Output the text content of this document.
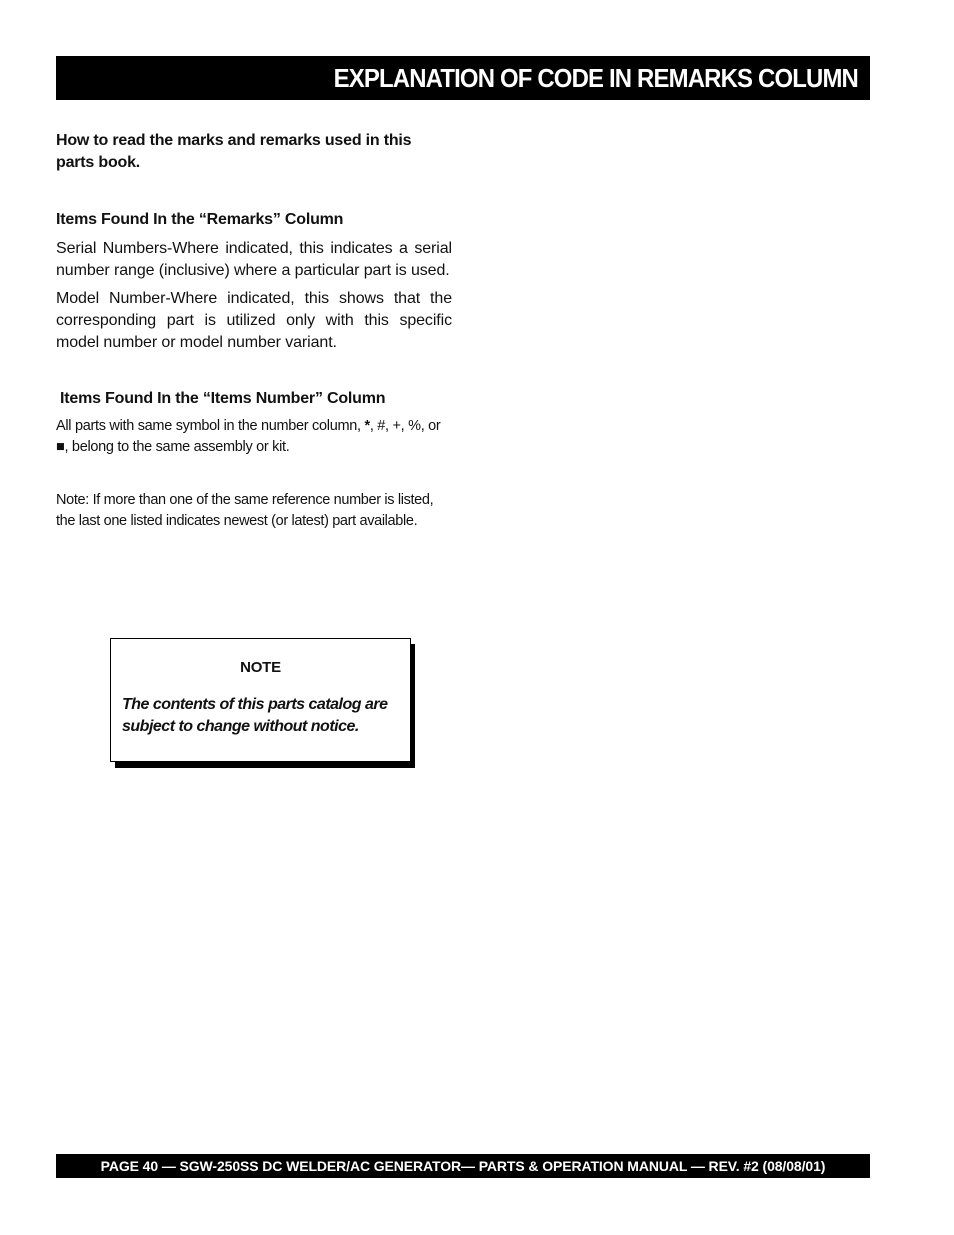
EXPLANATION OF CODE IN REMARKS COLUMN
How to read the marks and remarks used in this parts book.
Items Found In the “Remarks” Column
Serial Numbers-Where indicated, this indicates a serial number range (inclusive) where a particular part is used.
Model Number-Where indicated, this shows that the corresponding part is utilized only with this specific model number or model number variant.
Items Found In the “Items Number” Column
All parts with same symbol in the number column, *, #, +, %, or ■, belong to the same assembly or kit.
Note: If more than one of the same reference number is listed, the last one listed indicates newest (or latest) part available.
NOTE
The contents of this parts catalog are subject to change without notice.
PAGE 40 — SGW-250SS DC WELDER/AC GENERATOR— PARTS & OPERATION MANUAL — REV. #2 (08/08/01)
